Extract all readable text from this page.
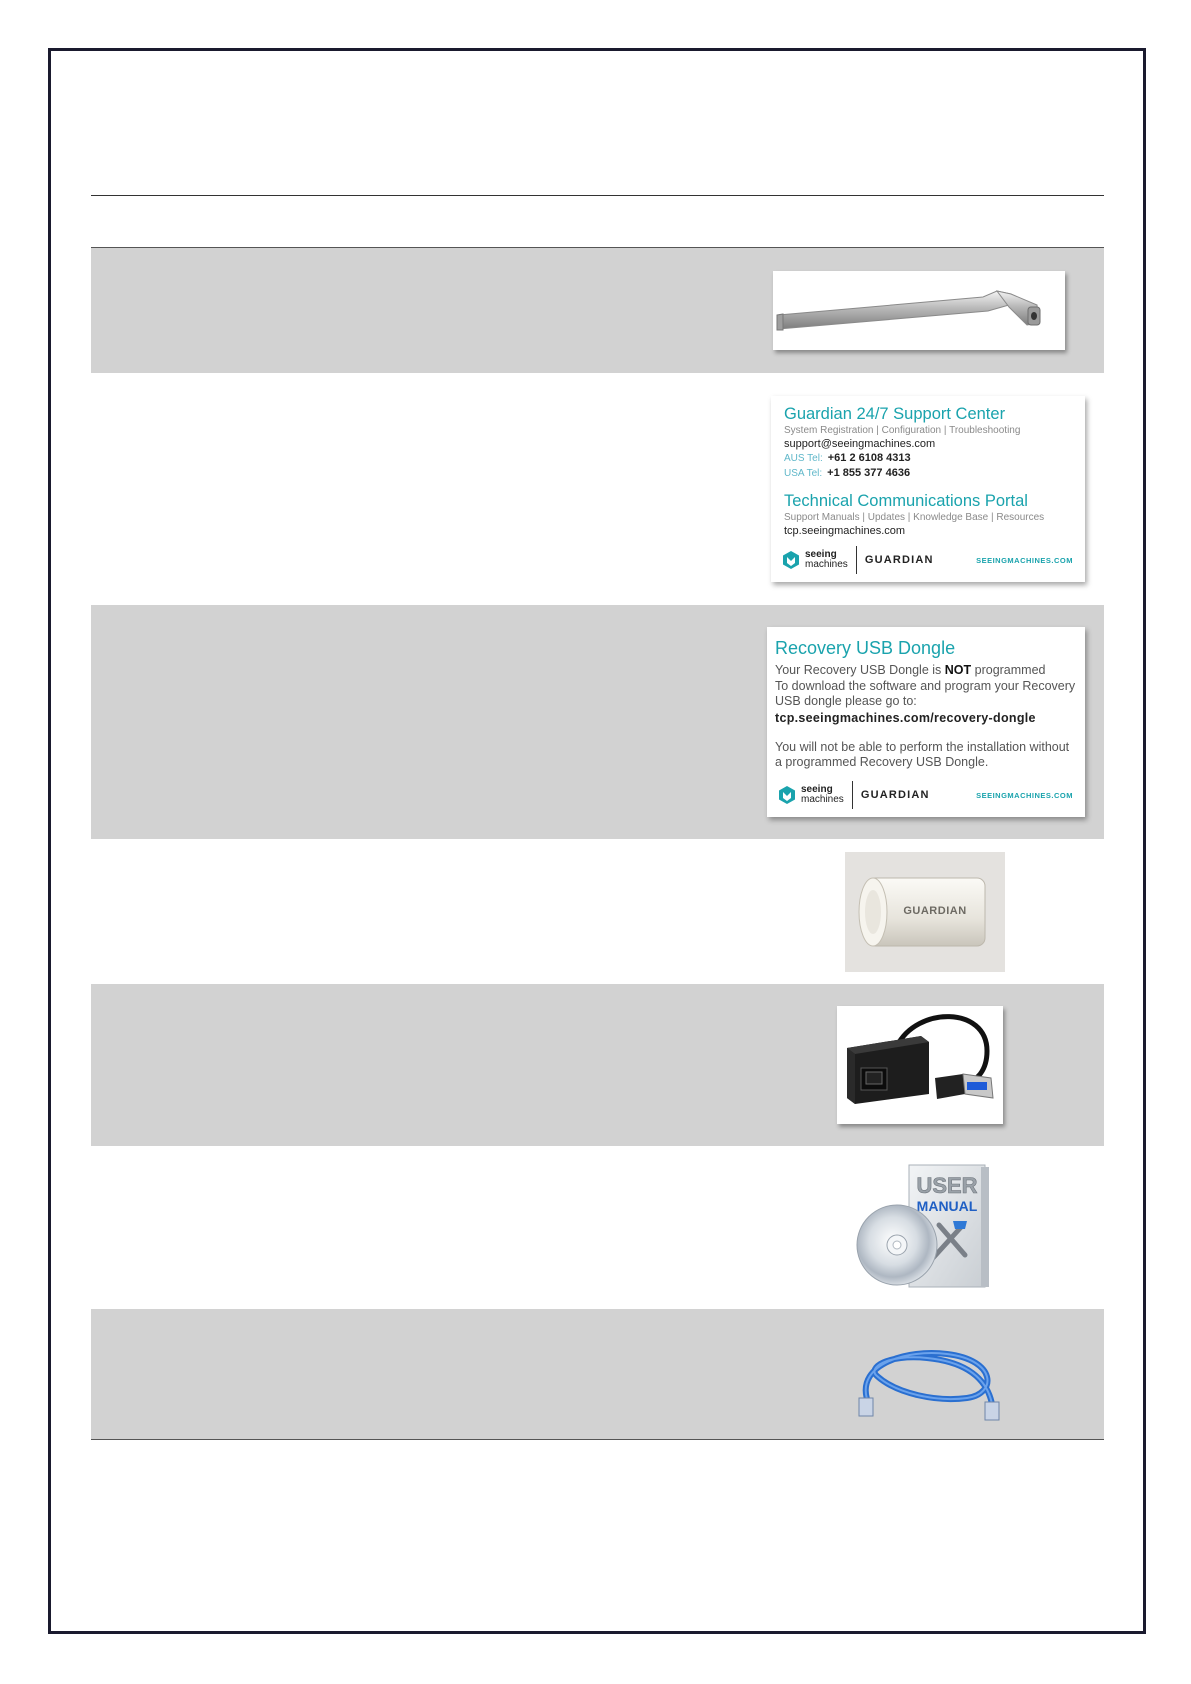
Guardian 24/7 Support Center
System Registration | Configuration | Troubleshooting
support@seeingmachines.com
AUS Tel: +61 2 6108 4313
USA Tel: +1 855 377 4636
Technical Communications Portal
Support Manuals | Updates | Knowledge Base | Resources
tcp.seeingmachines.com
seeing
machines GUARDIAN	SEEINGMACHINES.COM
Recovery USB Dongle
Your Recovery USB Dongle is NOT programmed
To download the software and program your Recovery USB dongle please go to:
tcp.seeingmachines.com/recovery-dongle
You will not be able to perform the installation without a programmed Recovery USB Dongle.
seeing
machines GUARDIAN	SEEINGMACHINES.COM
GUARDIAN
USER
MANUAL
